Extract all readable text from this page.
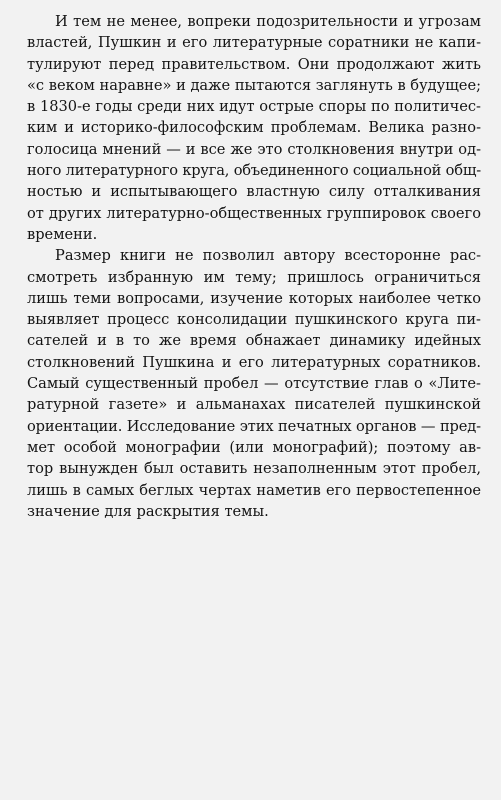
И тем не менее, вопреки подозрительности и угрозам
властей, Пушкин и его литературные соратники не капи-
тулируют перед правительством. Они продолжают жить
«с веком наравне» и даже пытаются заглянуть в будущее;
в 1830-е годы среди них идут острые споры по политичес-
ким и историко-философским проблемам. Велика разно-
голосица мнений — и все же это столкновения внутри од-
ного литературного круга, объединенного социальной общ-
ностью и испытывающего властную силу отталкивания
от других литературно-общественных группировок своего
времени.
Размер книги не позволил автору всесторонне рас-
смотреть избранную им тему; пришлось ограничиться
лишь теми вопросами, изучение которых наиболее четко
выявляет процесс консолидации пушкинского круга пи-
сателей и в то же время обнажает динамику идейных
столкновений Пушкина и его литературных соратников.
Самый существенный пробел — отсутствие глав о «Лите-
ратурной газете» и альманахах писателей пушкинской
ориентации. Исследование этих печатных органов — пред-
мет особой монографии (или монографий); поэтому ав-
тор вынужден был оставить незаполненным этот пробел,
лишь в самых беглых чертах наметив его первостепенное
значение для раскрытия темы.
